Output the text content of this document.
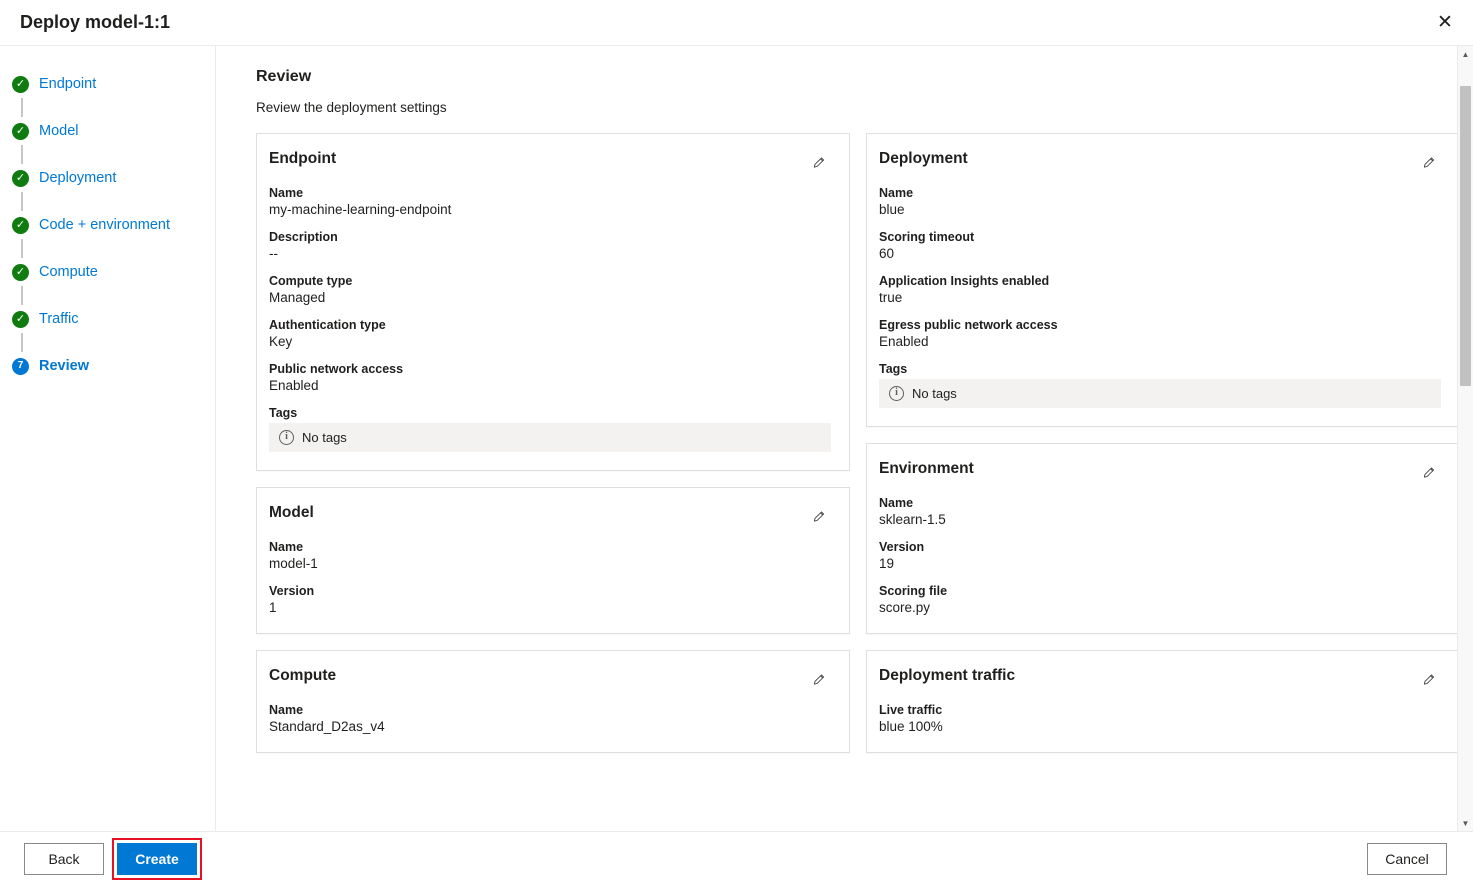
Deploy model-1:1	✕
✓ Endpoint
✓ Model
✓ Deployment
✓ Code + environment
✓ Compute
✓ Traffic
7	Review
Review
Review the deployment settings
Endpoint
Name
my-machine-learning-endpoint
Description
--
Compute type
Managed
Authentication type
Key
Public network access
Enabled
Tags
i	No tags
Model
Name
model-1
Version
1
Compute
Name
Standard_D2as_v4
Deployment
Name
blue
Scoring timeout
60
Application Insights enabled
true
Egress public network access
Enabled
Tags
i	No tags
Environment
Name
sklearn-1.5
Version
19
Scoring file
score.py
Deployment traffic
Live traffic
blue 100%
▲
▼
Back	Create	Cancel
